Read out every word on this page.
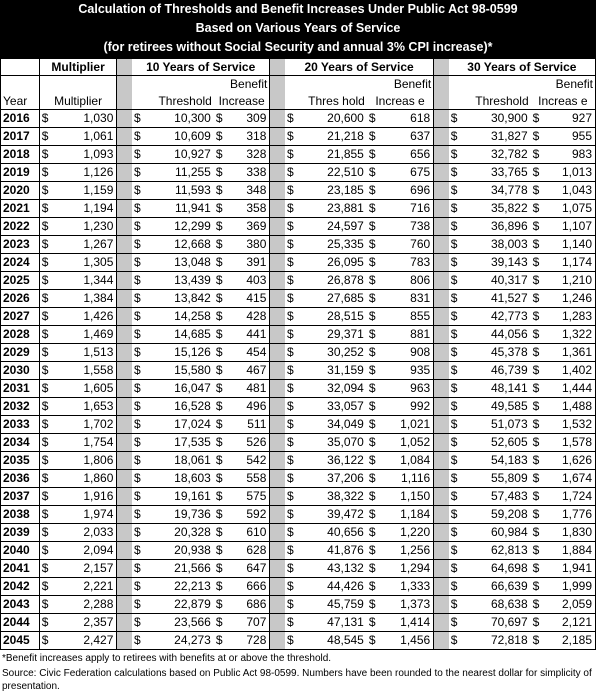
Calculation of Thresholds and Benefit Increases Under Public Act 98-0599
Based on Various Years of Service
(for retirees without Social Security and annual 3% CPI increase)*
	Multiplier			10 Years of Service					20 Years of Service					30 Years of Service			
						Benefit					Benefit					Benefit	
Year	Multiplier			Threshold		Increase			Thres hold		Increas e			Threshold		Increas e	
2016	$	1,030		$	10,300	$	309		$	20,600	$	618		$	30,900	$	927
2017	$	1,061		$	10,609	$	318		$	21,218	$	637		$	31,827	$	955
2018	$	1,093		$	10,927	$	328		$	21,855	$	656		$	32,782	$	983
2019	$	1,126		$	11,255	$	338		$	22,510	$	675		$	33,765	$	1,013
2020	$	1,159		$	11,593	$	348		$	23,185	$	696		$	34,778	$	1,043
2021	$	1,194		$	11,941	$	358		$	23,881	$	716		$	35,822	$	1,075
2022	$	1,230		$	12,299	$	369		$	24,597	$	738		$	36,896	$	1,107
2023	$	1,267		$	12,668	$	380		$	25,335	$	760		$	38,003	$	1,140
2024	$	1,305		$	13,048	$	391		$	26,095	$	783		$	39,143	$	1,174
2025	$	1,344		$	13,439	$	403		$	26,878	$	806		$	40,317	$	1,210
2026	$	1,384		$	13,842	$	415		$	27,685	$	831		$	41,527	$	1,246
2027	$	1,426		$	14,258	$	428		$	28,515	$	855		$	42,773	$	1,283
2028	$	1,469		$	14,685	$	441		$	29,371	$	881		$	44,056	$	1,322
2029	$	1,513		$	15,126	$	454		$	30,252	$	908		$	45,378	$	1,361
2030	$	1,558		$	15,580	$	467		$	31,159	$	935		$	46,739	$	1,402
2031	$	1,605		$	16,047	$	481		$	32,094	$	963		$	48,141	$	1,444
2032	$	1,653		$	16,528	$	496		$	33,057	$	992		$	49,585	$	1,488
2033	$	1,702		$	17,024	$	511		$	34,049	$	1,021		$	51,073	$	1,532
2034	$	1,754		$	17,535	$	526		$	35,070	$	1,052		$	52,605	$	1,578
2035	$	1,806		$	18,061	$	542		$	36,122	$	1,084		$	54,183	$	1,626
2036	$	1,860		$	18,603	$	558		$	37,206	$	1,116		$	55,809	$	1,674
2037	$	1,916		$	19,161	$	575		$	38,322	$	1,150		$	57,483	$	1,724
2038	$	1,974		$	19,736	$	592		$	39,472	$	1,184		$	59,208	$	1,776
2039	$	2,033		$	20,328	$	610		$	40,656	$	1,220		$	60,984	$	1,830
2040	$	2,094		$	20,938	$	628		$	41,876	$	1,256		$	62,813	$	1,884
2041	$	2,157		$	21,566	$	647		$	43,132	$	1,294		$	64,698	$	1,941
2042	$	2,221		$	22,213	$	666		$	44,426	$	1,333		$	66,639	$	1,999
2043	$	2,288		$	22,879	$	686		$	45,759	$	1,373		$	68,638	$	2,059
2044	$	2,357		$	23,566	$	707		$	47,131	$	1,414		$	70,697	$	2,121
2045	$	2,427		$	24,273	$	728		$	48,545	$	1,456		$	72,818	$	2,185
*Benefit increases apply to retirees with benefits at or above the threshold.
Source: Civic Federation calculations based on Public Act 98-0599. Numbers have been rounded to the nearest dollar for simplicity of presentation.
